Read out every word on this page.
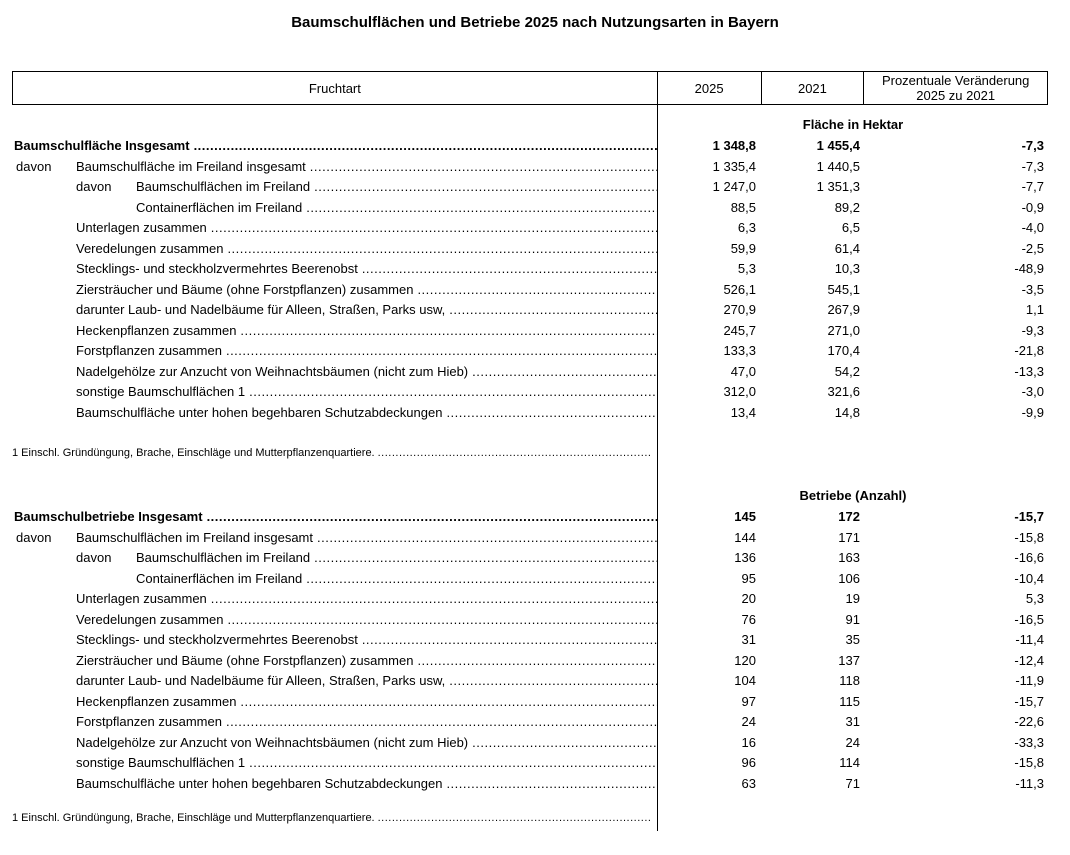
Baumschulflächen und Betriebe 2025 nach Nutzungsarten in Bayern
Fruchtart	2025	2021	Prozentuale Veränderung 2025 zu 2021
Fläche in Hektar
Baumschulfläche Insgesamt .....	1 348,8	1 455,4	-7,3
davon Baumschulfläche im Freiland insgesamt .....	1 335,4	1 440,5	-7,3
davon Baumschulflächen im Freiland .....	1 247,0	1 351,3	-7,7
Containerflächen im Freiland .....	88,5	89,2	-0,9
Unterlagen zusammen .....	6,3	6,5	-4,0
Veredelungen zusammen .....	59,9	61,4	-2,5
Stecklings- und steckholzvermehrtes Beerenobst .....	5,3	10,3	-48,9
Ziersträucher und Bäume (ohne Forstpflanzen) zusammen .....	526,1	545,1	-3,5
darunter Laub- und Nadelbäume für Alleen, Straßen, Parks usw, .....	270,9	267,9	1,1
Heckenpflanzen zusammen .....	245,7	271,0	-9,3
Forstpflanzen zusammen .....	133,3	170,4	-21,8
Nadelgehölze zur Anzucht von Weihnachtsbäumen (nicht zum Hieb) .....	47,0	54,2	-13,3
sonstige Baumschulflächen 1 .....	312,0	321,6	-3,0
Baumschulfläche unter hohen begehbaren Schutzabdeckungen .....	13,4	14,8	-9,9
1 Einschl. Gründüngung, Brache, Einschläge und Mutterpflanzenquartiere.
.....
Betriebe (Anzahl)
Baumschulbetriebe Insgesamt .....	145	172	-15,7
davon Baumschulflächen im Freiland insgesamt .....	144	171	-15,8
davon Baumschulflächen im Freiland .....	136	163	-16,6
Containerflächen im Freiland .....	95	106	-10,4
Unterlagen zusammen .....	20	19	5,3
Veredelungen zusammen .....	76	91	-16,5
Stecklings- und steckholzvermehrtes Beerenobst .....	31	35	-11,4
Ziersträucher und Bäume (ohne Forstpflanzen) zusammen .....	120	137	-12,4
darunter Laub- und Nadelbäume für Alleen, Straßen, Parks usw, .....	104	118	-11,9
Heckenpflanzen zusammen .....	97	115	-15,7
Forstpflanzen zusammen .....	24	31	-22,6
Nadelgehölze zur Anzucht von Weihnachtsbäumen (nicht zum Hieb) .....	16	24	-33,3
sonstige Baumschulflächen 1 .....	96	114	-15,8
Baumschulfläche unter hohen begehbaren Schutzabdeckungen .....	63	71	-11,3
1 Einschl. Gründüngung, Brache, Einschläge und Mutterpflanzenquartiere.
.....
